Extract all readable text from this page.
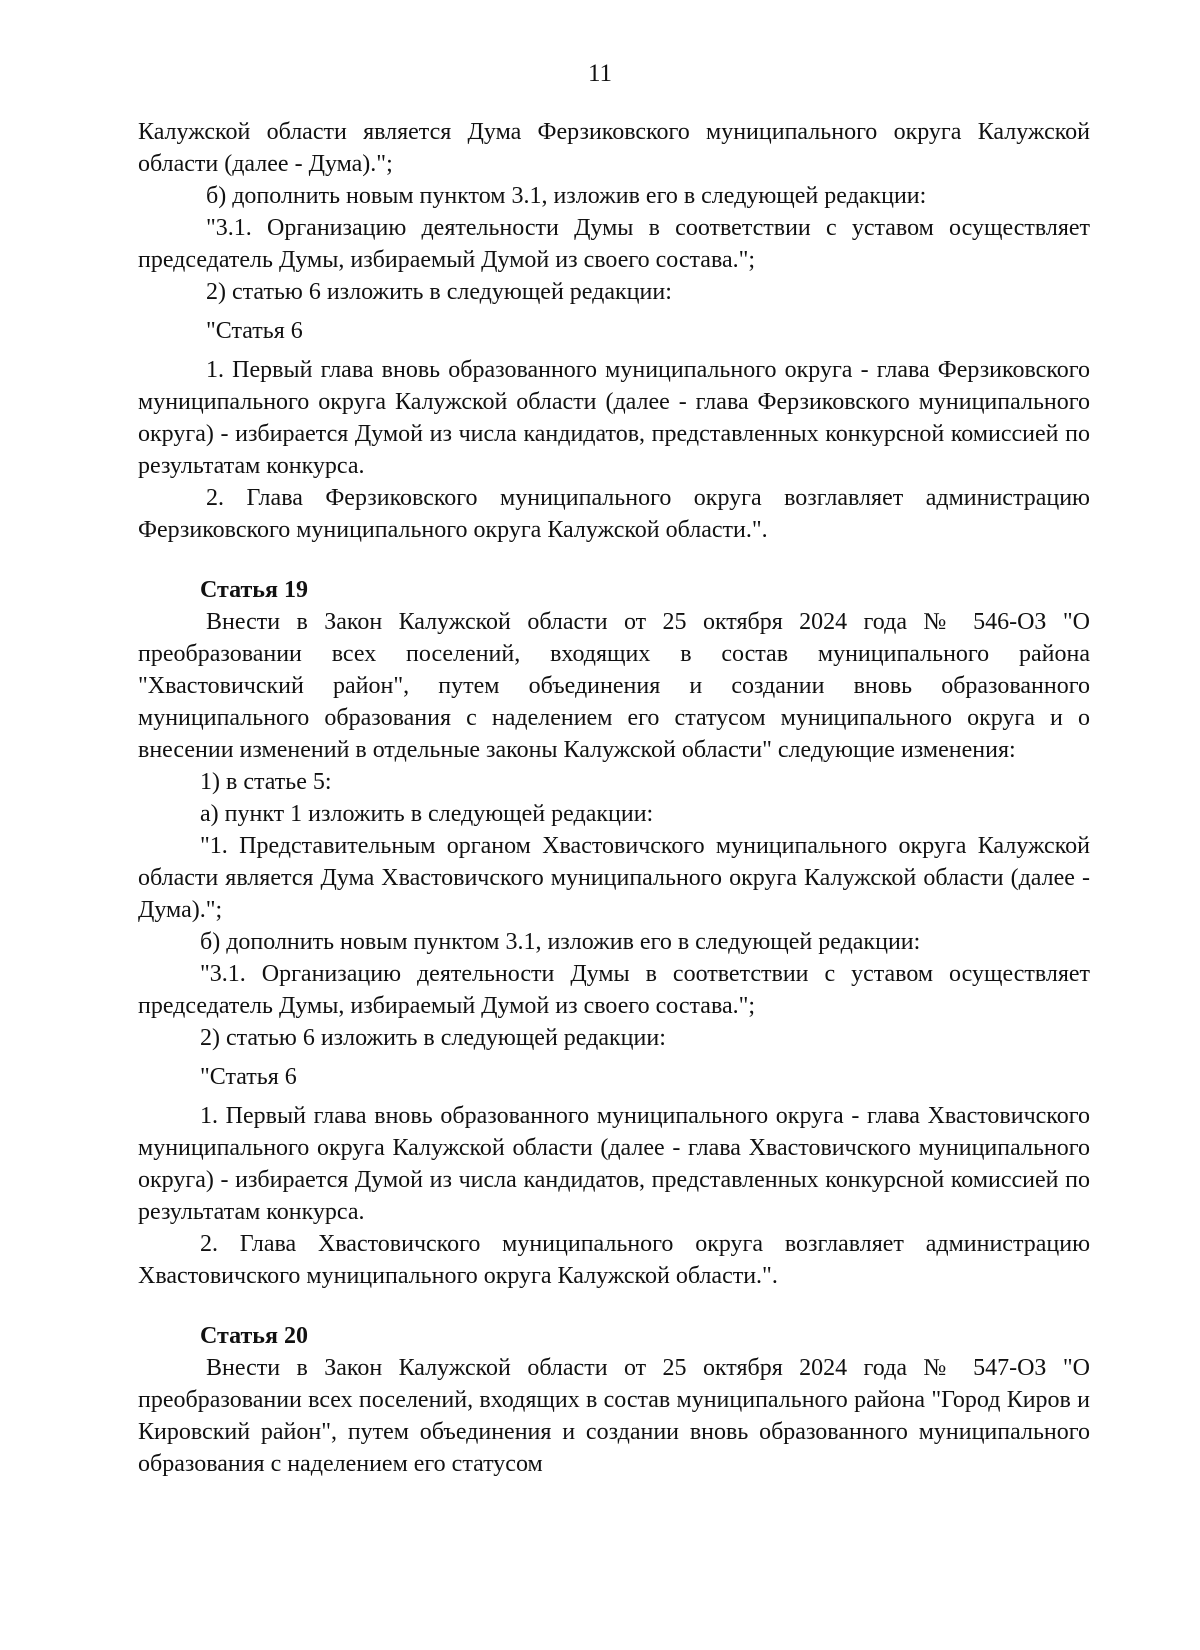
11

Калужской области является Дума Ферзиковского муниципального округа Калужской области (далее - Дума).";

б) дополнить новым пунктом 3.1, изложив его в следующей редакции:

"3.1. Организацию деятельности Думы в соответствии с уставом осуществляет председатель Думы, избираемый Думой из своего состава.";

2) статью 6 изложить в следующей редакции:

"Статья 6

1. Первый глава вновь образованного муниципального округа - глава Ферзиковского муниципального округа Калужской области (далее - глава Ферзиковского муниципального округа) - избирается Думой из числа кандидатов, представленных конкурсной комиссией по результатам конкурса.

2. Глава Ферзиковского муниципального округа возглавляет администрацию Ферзиковского муниципального округа Калужской области.".

Статья 19

Внести в Закон Калужской области от 25 октября 2024 года № 546-ОЗ "О преобразовании всех поселений, входящих в состав муниципального района "Хвастовичский район", путем объединения и создании вновь образованного муниципального образования с наделением его статусом муниципального округа и о внесении изменений в отдельные законы Калужской области" следующие изменения:

1) в статье 5:

а) пункт 1 изложить в следующей редакции:

"1. Представительным органом Хвастовичского муниципального округа Калужской области является Дума Хвастовичского муниципального округа Калужской области (далее - Дума).";

б) дополнить новым пунктом 3.1, изложив его в следующей редакции:

"3.1. Организацию деятельности Думы в соответствии с уставом осуществляет председатель Думы, избираемый Думой из своего состава.";

2) статью 6 изложить в следующей редакции:

"Статья 6

1. Первый глава вновь образованного муниципального округа - глава Хвастовичского муниципального округа Калужской области (далее - глава Хвастовичского муниципального округа) - избирается Думой из числа кандидатов, представленных конкурсной комиссией по результатам конкурса.

2. Глава Хвастовичского муниципального округа возглавляет администрацию Хвастовичского муниципального округа Калужской области.".

Статья 20

Внести в Закон Калужской области от 25 октября 2024 года № 547-ОЗ "О преобразовании всех поселений, входящих в состав муниципального района "Город Киров и Кировский район", путем объединения и создании вновь образованного муниципального образования с наделением его статусом
